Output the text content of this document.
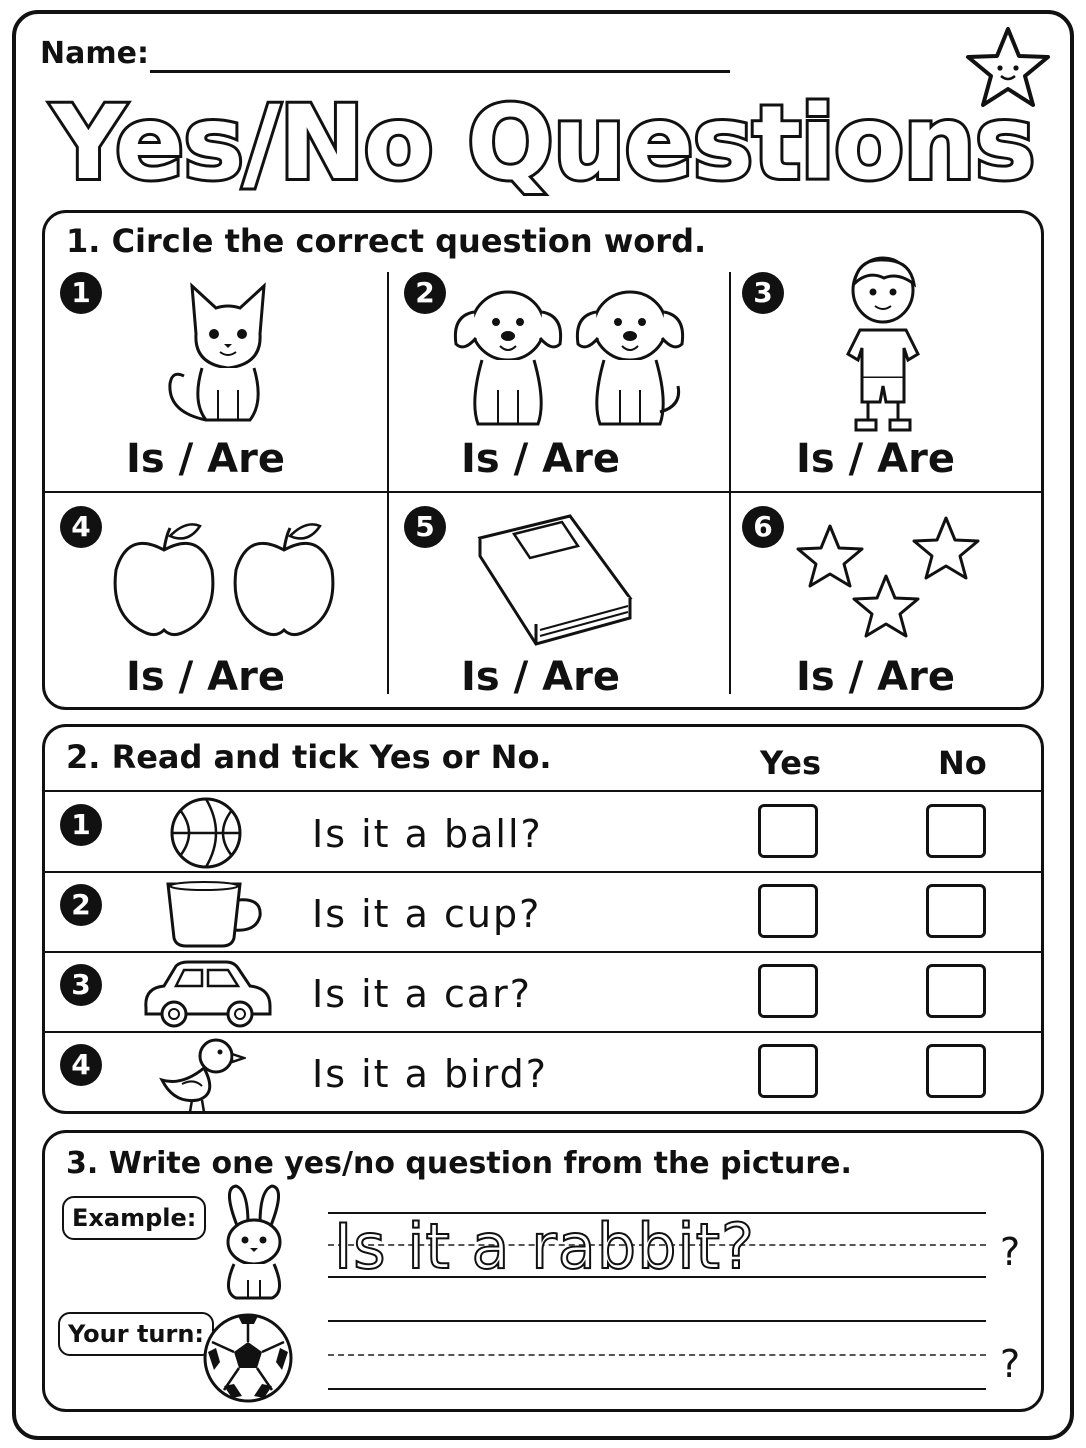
Name:
Yes/No Questions
1. Circle the correct question word.
1
Is / Are
2
Is / Are
3
Is / Are
4
Is / Are
5
Is / Are
6
Is / Are
2. Read and tick Yes or No.	Yes	No
1	Is it a ball?
2	Is it a cup?
3	Is it a car?
4	Is it a bird?
3. Write one yes/no question from the picture.
Example: Is it a rabbit?	?
Your turn:
?
